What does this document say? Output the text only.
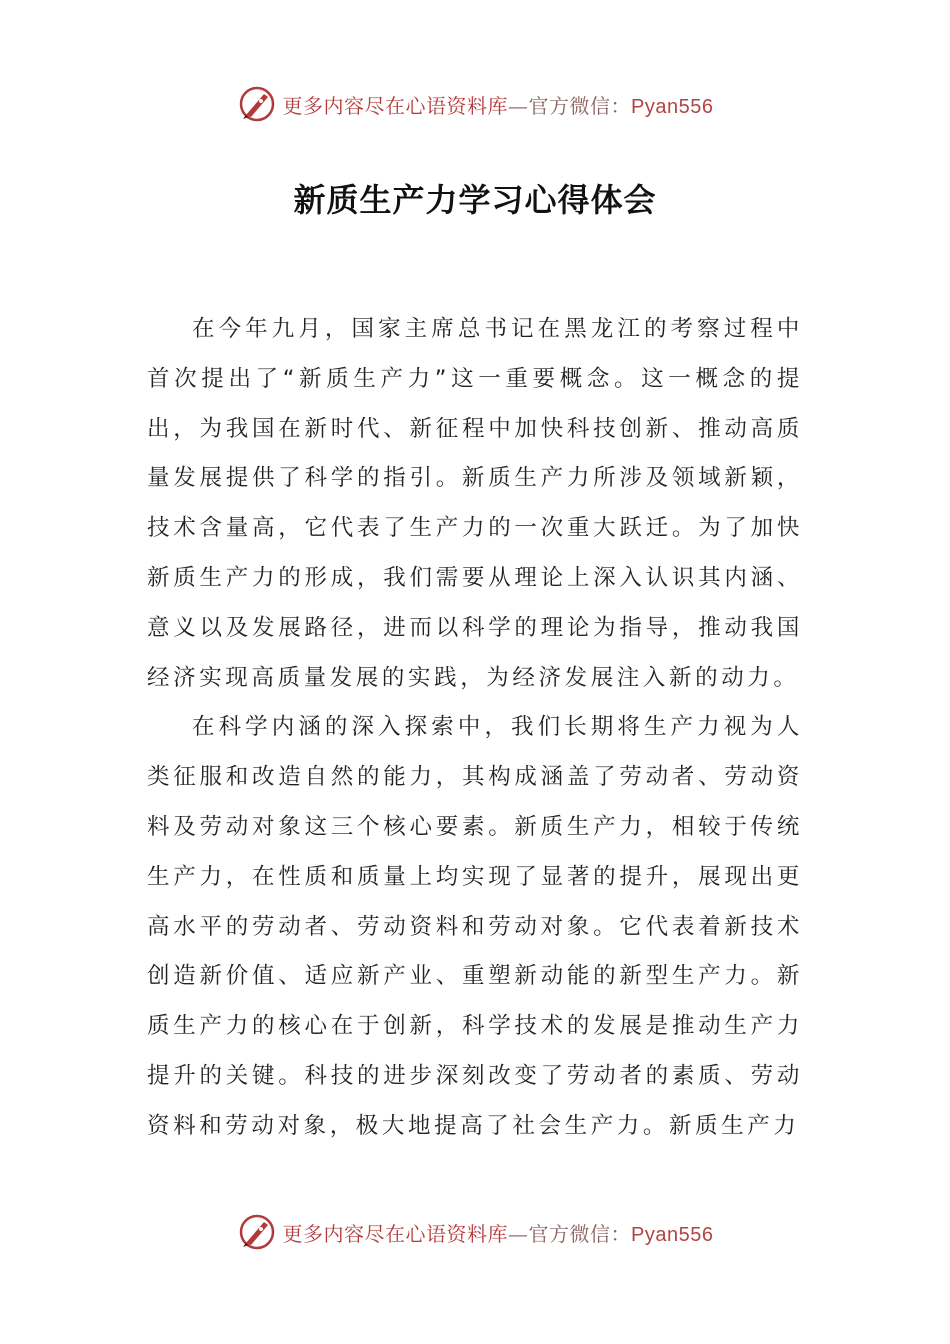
更多内容尽在心语资料库—官方微信：Pyan556
新质生产力学习心得体会

在今年九月，国家主席总书记在黑龙江的考察过程中首次提出了“新质生产力”这一重要概念。这一概念的提出，为我国在新时代、新征程中加快科技创新、推动高质量发展提供了科学的指引。新质生产力所涉及领域新颖，技术含量高，它代表了生产力的一次重大跃迁。为了加快新质生产力的形成，我们需要从理论上深入认识其内涵、意义以及发展路径，进而以科学的理论为指导，推动我国经济实现高质量发展的实践，为经济发展注入新的动力。

在科学内涵的深入探索中，我们长期将生产力视为人类征服和改造自然的能力，其构成涵盖了劳动者、劳动资料及劳动对象这三个核心要素。新质生产力，相较于传统生产力，在性质和质量上均实现了显著的提升，展现出更高水平的劳动者、劳动资料和劳动对象。它代表着新技术创造新价值、适应新产业、重塑新动能的新型生产力。新质生产力的核心在于创新，科学技术的发展是推动生产力提升的关键。科技的进步深刻改变了劳动者的素质、劳动资料和劳动对象，极大地提高了社会生产力。新质生产力

更多内容尽在心语资料库—官方微信：Pyan556
